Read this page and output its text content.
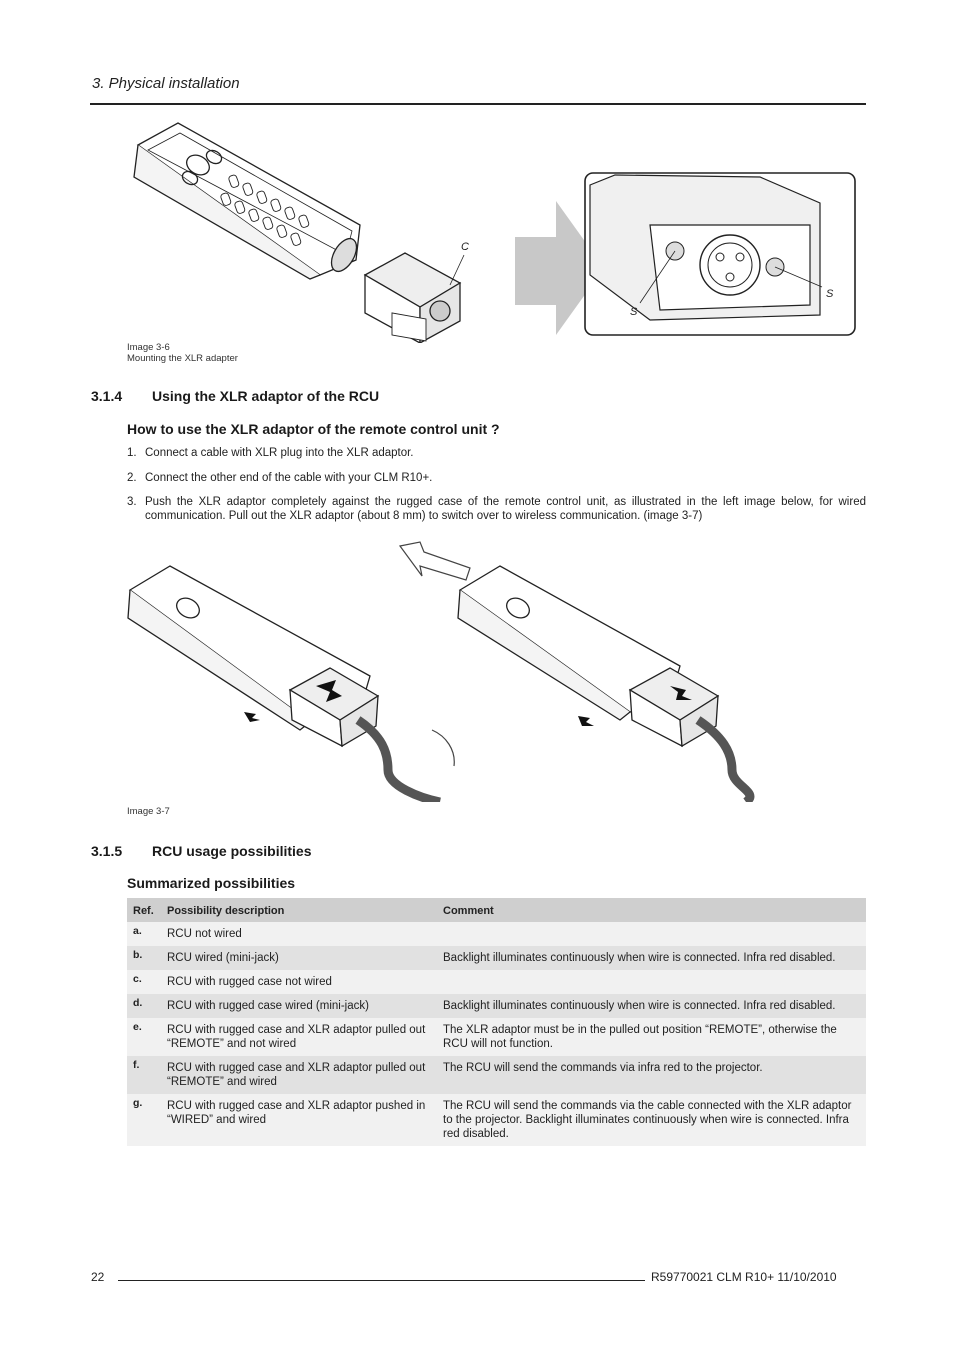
3. Physical installation
C
S
S
Image 3-6
Mounting the XLR adapter
3.1.4 Using the XLR adaptor of the RCU
How to use the XLR adaptor of the remote control unit ?
1. Connect a cable with XLR plug into the XLR adaptor.
2. Connect the other end of the cable with your CLM R10+.
3. Push the XLR adaptor completely against the rugged case of the remote control unit, as illustrated in the left image below, for wired communication. Pull out the XLR adaptor (about 8 mm) to switch over to wireless communication. (image 3-7)
Image 3-7
3.1.5 RCU usage possibilities
Summarized possibilities
Ref.	Possibility description	Comment
a.	RCU not wired	
b.	RCU wired (mini-jack)	Backlight illuminates continuously when wire is connected. Infra red disabled.
c.	RCU with rugged case not wired	
d.	RCU with rugged case wired (mini-jack)	Backlight illuminates continuously when wire is connected. Infra red disabled.
e.	RCU with rugged case and XLR adaptor pulled out “REMOTE” and not wired	The XLR adaptor must be in the pulled out position “REMOTE”, otherwise the RCU will not function.
f.	RCU with rugged case and XLR adaptor pulled out “REMOTE” and wired	The RCU will send the commands via infra red to the projector.
g.	RCU with rugged case and XLR adaptor pushed in “WIRED” and wired	The RCU will send the commands via the cable connected with the XLR adaptor to the projector. Backlight illuminates continuously when wire is connected. Infra red disabled.
22	R59770021 CLM R10+ 11/10/2010
